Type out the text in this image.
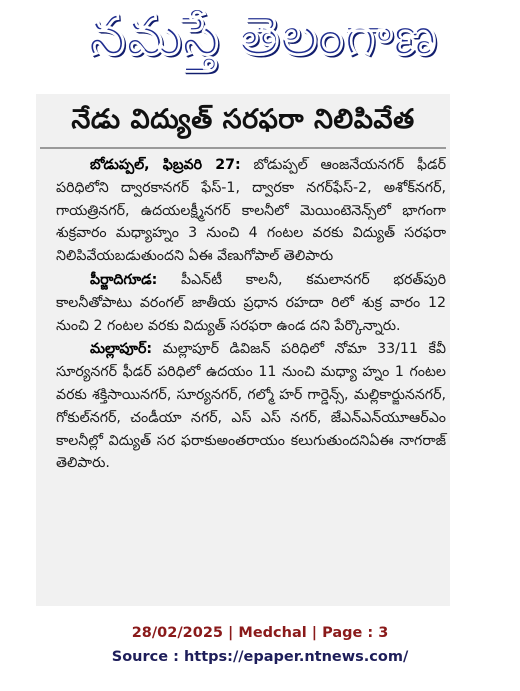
నమస్తే తెలంగాణ
నేడు విద్యుత్ సరఫరా నిలిపివేత

బోడుప్పల్, ఫిబ్రవరి 27: బోడుప్పల్ ఆంజనేయనగర్ ఫీడర్ పరిధిలోని ద్వారకానగర్ ఫేస్-1, ద్వారకా నగర్‌ఫేస్-2, అశోక్‌నగర్, గాయత్రినగర్, ఉదయలక్ష్మీనగర్ కాలనీలో మెయింటెనెన్స్‌లో భాగంగా శుక్రవారం మధ్యాహ్నం 3 నుంచి 4 గంటల వరకు విద్యుత్ సరఫరా నిలిపివేయబడుతుందని ఏఈ వేణుగోపాల్ తెలిపారు

పీర్జాదిగూడ: పీఎన్‌టీ కాలనీ, కమలానగర్ భరత్‌పురి కాలనీతోపాటు వరంగల్ జాతీయ ప్రధాన రహదా రిలో శుక్ర వారం 12 నుంచి 2 గంటల వరకు విద్యుత్ సరఫరా ఉండ దని పేర్కొన్నారు.

మల్లాపూర్: మల్లాపూర్ డివిజన్ పరిధిలో నోమా 33/11 కేవీ సూర్యనగర్ ఫీడర్ పరిధిలో ఉదయం 11 నుంచి మధ్యా హ్నం 1 గంటల వరకు శక్తిసాయినగర్, సూర్యనగర్, గల్మో హర్ గార్డెన్స్, మల్లికార్జుననగర్, గోకుల్‌నగర్, చండీయా నగర్, ఎస్ ఎస్ నగర్, జేఎన్‌ఎన్‌యూఆర్‌ఎం కాలనీల్లో విద్యుత్ సర ఫరాకుఅంతరాయం కలుగుతుందనిఏఈ నాగరాజ్ తెలిపారు.

28/02/2025 | Medchal | Page : 3
Source : https://epaper.ntnews.com/
